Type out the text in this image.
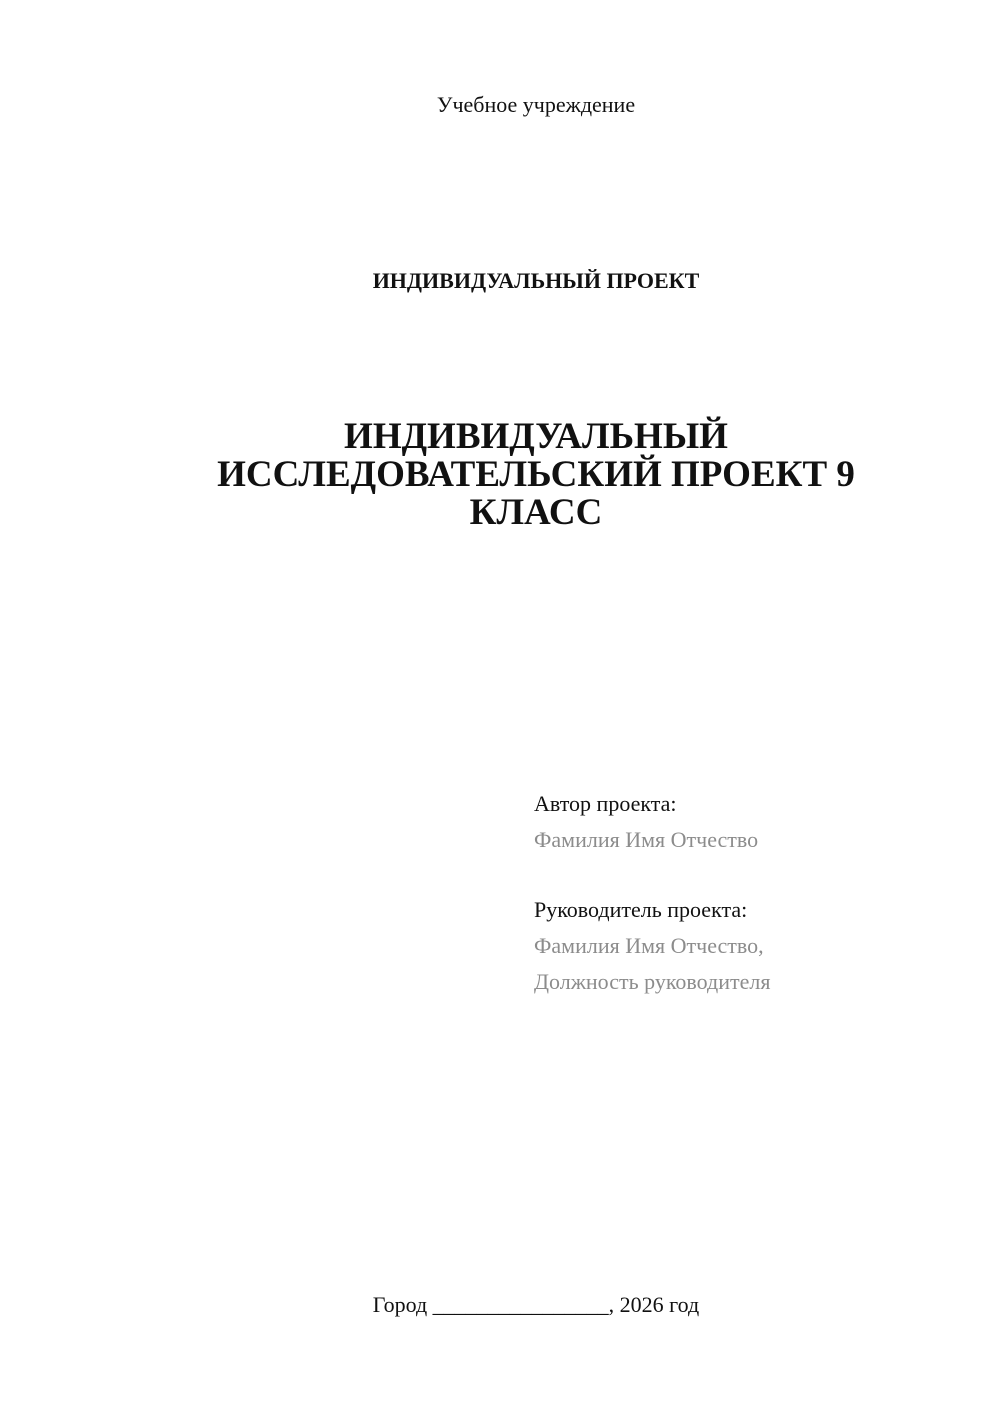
Учебное учреждение
ИНДИВИДУАЛЬНЫЙ ПРОЕКТ
ИНДИВИДУАЛЬНЫЙ ИССЛЕДОВАТЕЛЬСКИЙ ПРОЕКТ 9 КЛАСС
Автор проекта:
Фамилия Имя Отчество
Руководитель проекта:
Фамилия Имя Отчество,
Должность руководителя
Город ________________, 2026 год
